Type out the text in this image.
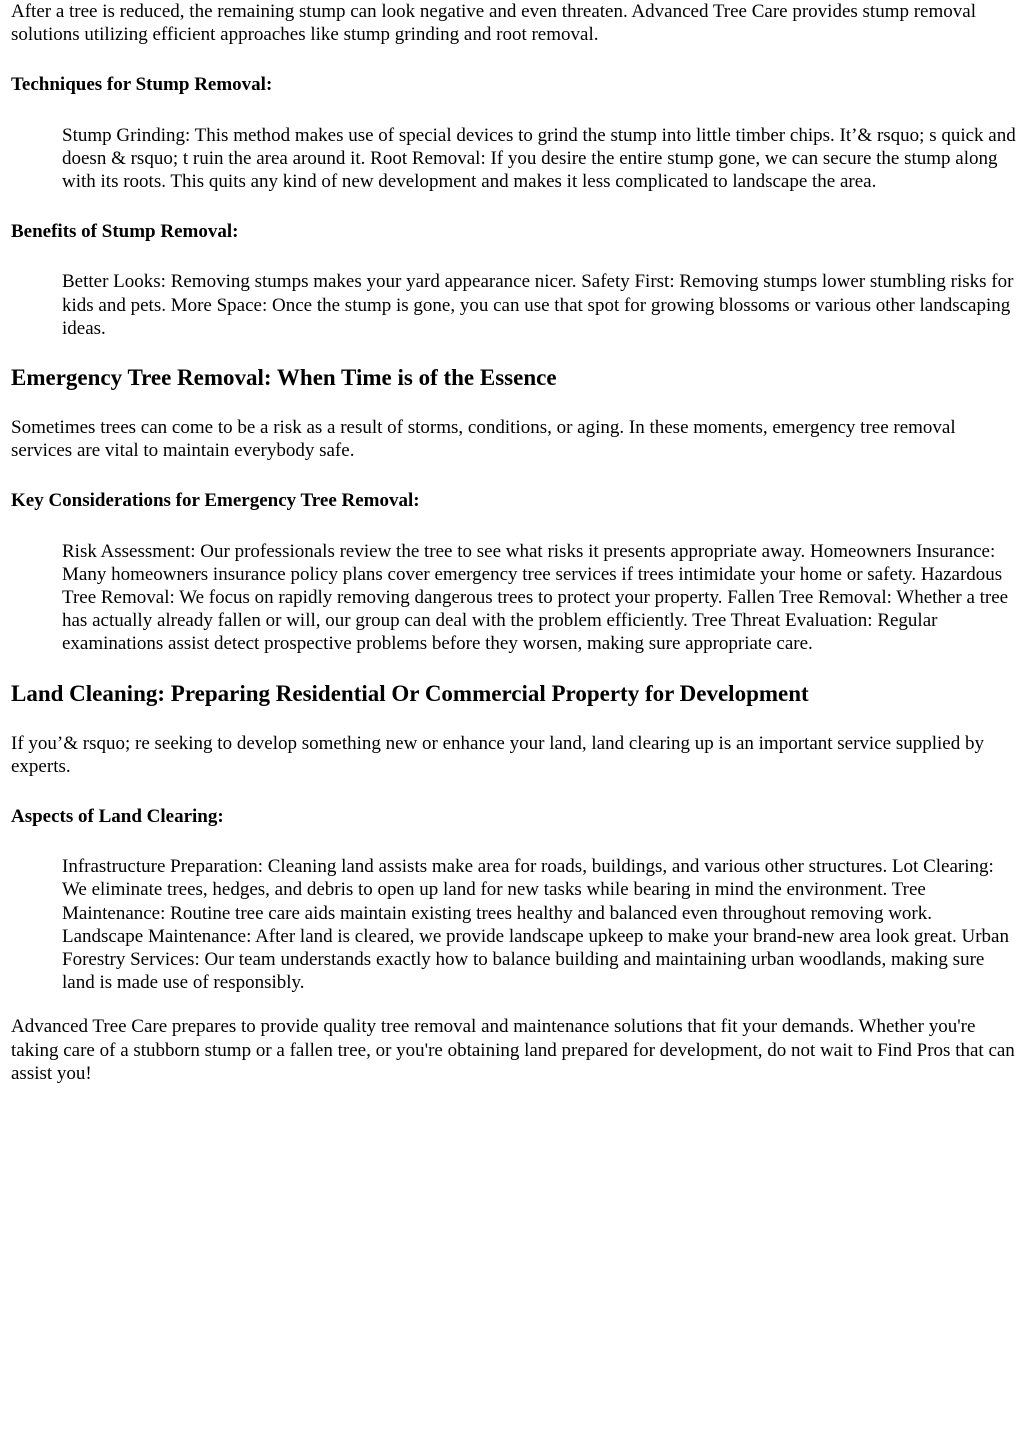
After a tree is reduced, the remaining stump can look negative and even threaten. Advanced Tree Care provides stump removal solutions utilizing efficient approaches like stump grinding and root removal.

Techniques for Stump Removal:

Stump Grinding: This method makes use of special devices to grind the stump into little timber chips. It’& rsquo; s quick and doesn & rsquo; t ruin the area around it. Root Removal: If you desire the entire stump gone, we can secure the stump along with its roots. This quits any kind of new development and makes it less complicated to landscape the area.

Benefits of Stump Removal:

Better Looks: Removing stumps makes your yard appearance nicer. Safety First: Removing stumps lower stumbling risks for kids and pets. More Space: Once the stump is gone, you can use that spot for growing blossoms or various other landscaping ideas.

Emergency Tree Removal: When Time is of the Essence

Sometimes trees can come to be a risk as a result of storms, conditions, or aging. In these moments, emergency tree removal services are vital to maintain everybody safe.

Key Considerations for Emergency Tree Removal:

Risk Assessment: Our professionals review the tree to see what risks it presents appropriate away. Homeowners Insurance: Many homeowners insurance policy plans cover emergency tree services if trees intimidate your home or safety. Hazardous Tree Removal: We focus on rapidly removing dangerous trees to protect your property. Fallen Tree Removal: Whether a tree has actually already fallen or will, our group can deal with the problem efficiently. Tree Threat Evaluation: Regular examinations assist detect prospective problems before they worsen, making sure appropriate care.

Land Cleaning: Preparing Residential Or Commercial Property for Development

If you’& rsquo; re seeking to develop something new or enhance your land, land clearing up is an important service supplied by experts.

Aspects of Land Clearing:

Infrastructure Preparation: Cleaning land assists make area for roads, buildings, and various other structures. Lot Clearing: We eliminate trees, hedges, and debris to open up land for new tasks while bearing in mind the environment. Tree Maintenance: Routine tree care aids maintain existing trees healthy and balanced even throughout removing work. Landscape Maintenance: After land is cleared, we provide landscape upkeep to make your brand-new area look great. Urban Forestry Services: Our team understands exactly how to balance building and maintaining urban woodlands, making sure land is made use of responsibly.

Advanced Tree Care prepares to provide quality tree removal and maintenance solutions that fit your demands. Whether you're taking care of a stubborn stump or a fallen tree, or you're obtaining land prepared for development, do not wait to Find Pros that can assist you!
